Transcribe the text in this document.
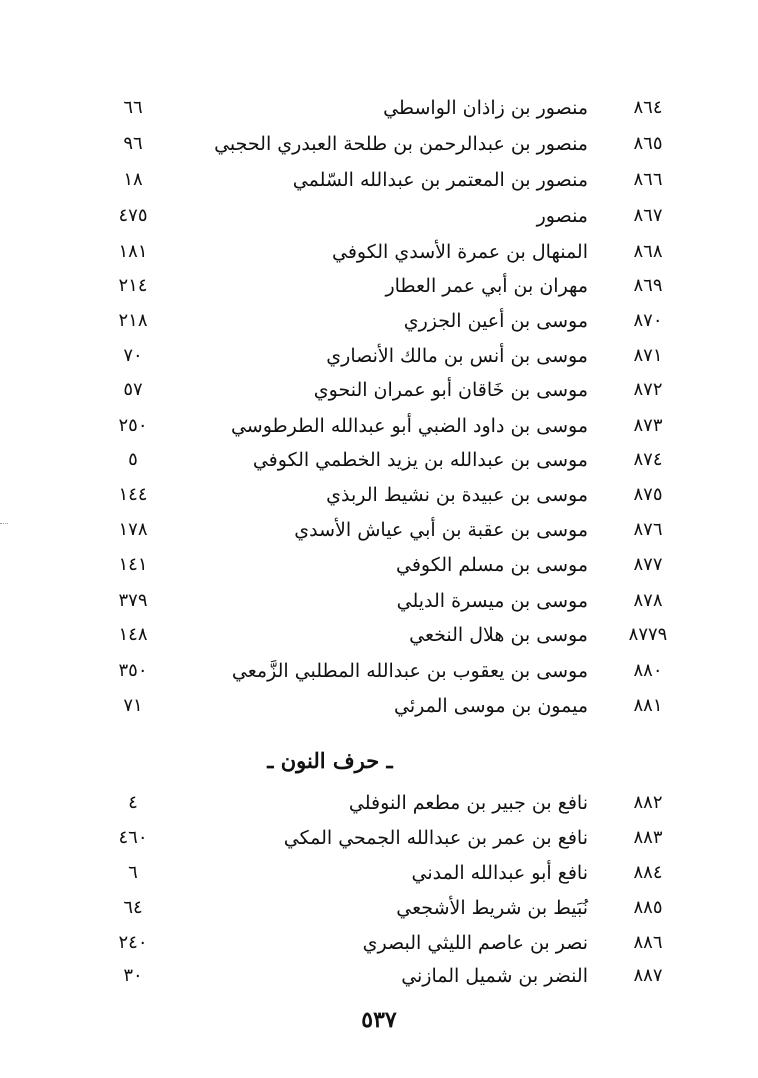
٨٦٤
منصور بن زاذان الواسطي
٦٦
٨٦٥
منصور بن عبدالرحمن بن طلحة العبدري الحجبي
٩٦
٨٦٦
منصور بن المعتمر بن عبدالله السّلمي
١٨
٨٦٧
منصور
٤٧٥
٨٦٨
المنهال بن عمرة الأسدي الكوفي
١٨١
٨٦٩
مهران بن أبي عمر العطار
٢١٤
٨٧٠
موسى بن أعين الجزري
٢١٨
٨٧١
موسى بن أنس بن مالك الأنصاري
٧٠
٨٧٢
موسى بن خَاقان أبو عمران النحوي
٥٧
٨٧٣
موسى بن داود الضبي أبو عبدالله الطرطوسي
٢٥٠
٨٧٤
موسى بن عبدالله بن يزيد الخطمي الكوفي
٥
٨٧٥
موسى بن عبيدة بن نشيط الربذي
١٤٤
٨٧٦
موسى بن عقبة بن أبي عياش الأسدي
١٧٨
٨٧٧
موسى بن مسلم الكوفي
١٤١
٨٧٨
موسى بن ميسرة الديلي
٣٧٩
٨٧٧٩
موسى بن هلال النخعي
١٤٨
٨٨٠
موسى بن يعقوب بن عبدالله المطلبي الزَّمعي
٣٥٠
٨٨١
ميمون بن موسى المرئي
٧١
ـ حرف النون ـ
٨٨٢
نافع بن جبير بن مطعم النوفلي
٤
٨٨٣
نافع بن عمر بن عبدالله الجمحي المكي
٤٦٠
٨٨٤
نافع أبو عبدالله المدني
٦
٨٨٥
نُبَيط بن شريط الأشجعي
٦٤
٨٨٦
نصر بن عاصم الليثي البصري
٢٤٠
٨٨٧
النضر بن شميل المازني
٣٠
٥٣٧
